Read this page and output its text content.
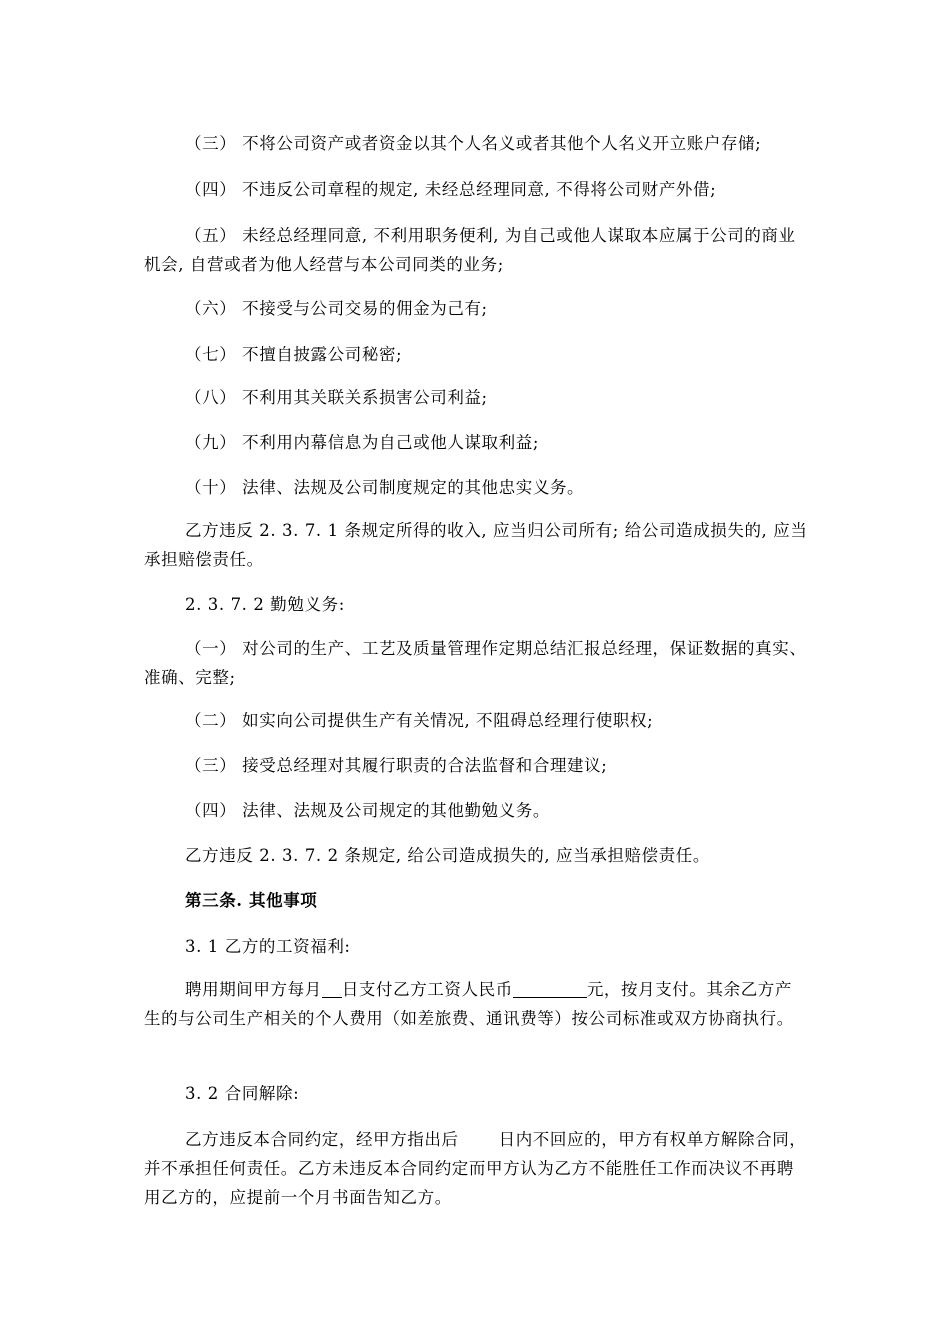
（三） 不将公司资产或者资金以其个人名义或者其他个人名义开立账户存储;
（四） 不违反公司章程的规定, 未经总经理同意, 不得将公司财产外借;
（五） 未经总经理同意, 不利用职务便利, 为自己或他人谋取本应属于公司的商业机会, 自营或者为他人经营与本公司同类的业务;
（六） 不接受与公司交易的佣金为己有;
（七） 不擅自披露公司秘密;
（八） 不利用其关联关系损害公司利益;
（九） 不利用内幕信息为自己或他人谋取利益;
（十） 法律、法规及公司制度规定的其他忠实义务。
乙方违反 2. 3. 7. 1 条规定所得的收入, 应当归公司所有; 给公司造成损失的, 应当承担赔偿责任。
2. 3. 7. 2 勤勉义务:
（一） 对公司的生产、工艺及质量管理作定期总结汇报总经理，保证数据的真实、准确、完整;
（二） 如实向公司提供生产有关情况, 不阻碍总经理行使职权;
（三） 接受总经理对其履行职责的合法监督和合理建议;
（四） 法律、法规及公司规定的其他勤勉义务。
乙方违反 2. 3. 7. 2 条规定, 给公司造成损失的, 应当承担赔偿责任。
第三条. 其他事项
3. 1 乙方的工资福利:
聘用期间甲方每月 日支付乙方工资人民币	元，按月支付。其余乙方产生的与公司生产相关的个人费用（如差旅费、通讯费等）按公司标准或双方协商执行。
3. 2 合同解除:
乙方违反本合同约定，经甲方指出后 日内不回应的，甲方有权单方解除合同，并不承担任何责任。乙方未违反本合同约定而甲方认为乙方不能胜任工作而决议不再聘用乙方的，应提前一个月书面告知乙方。
